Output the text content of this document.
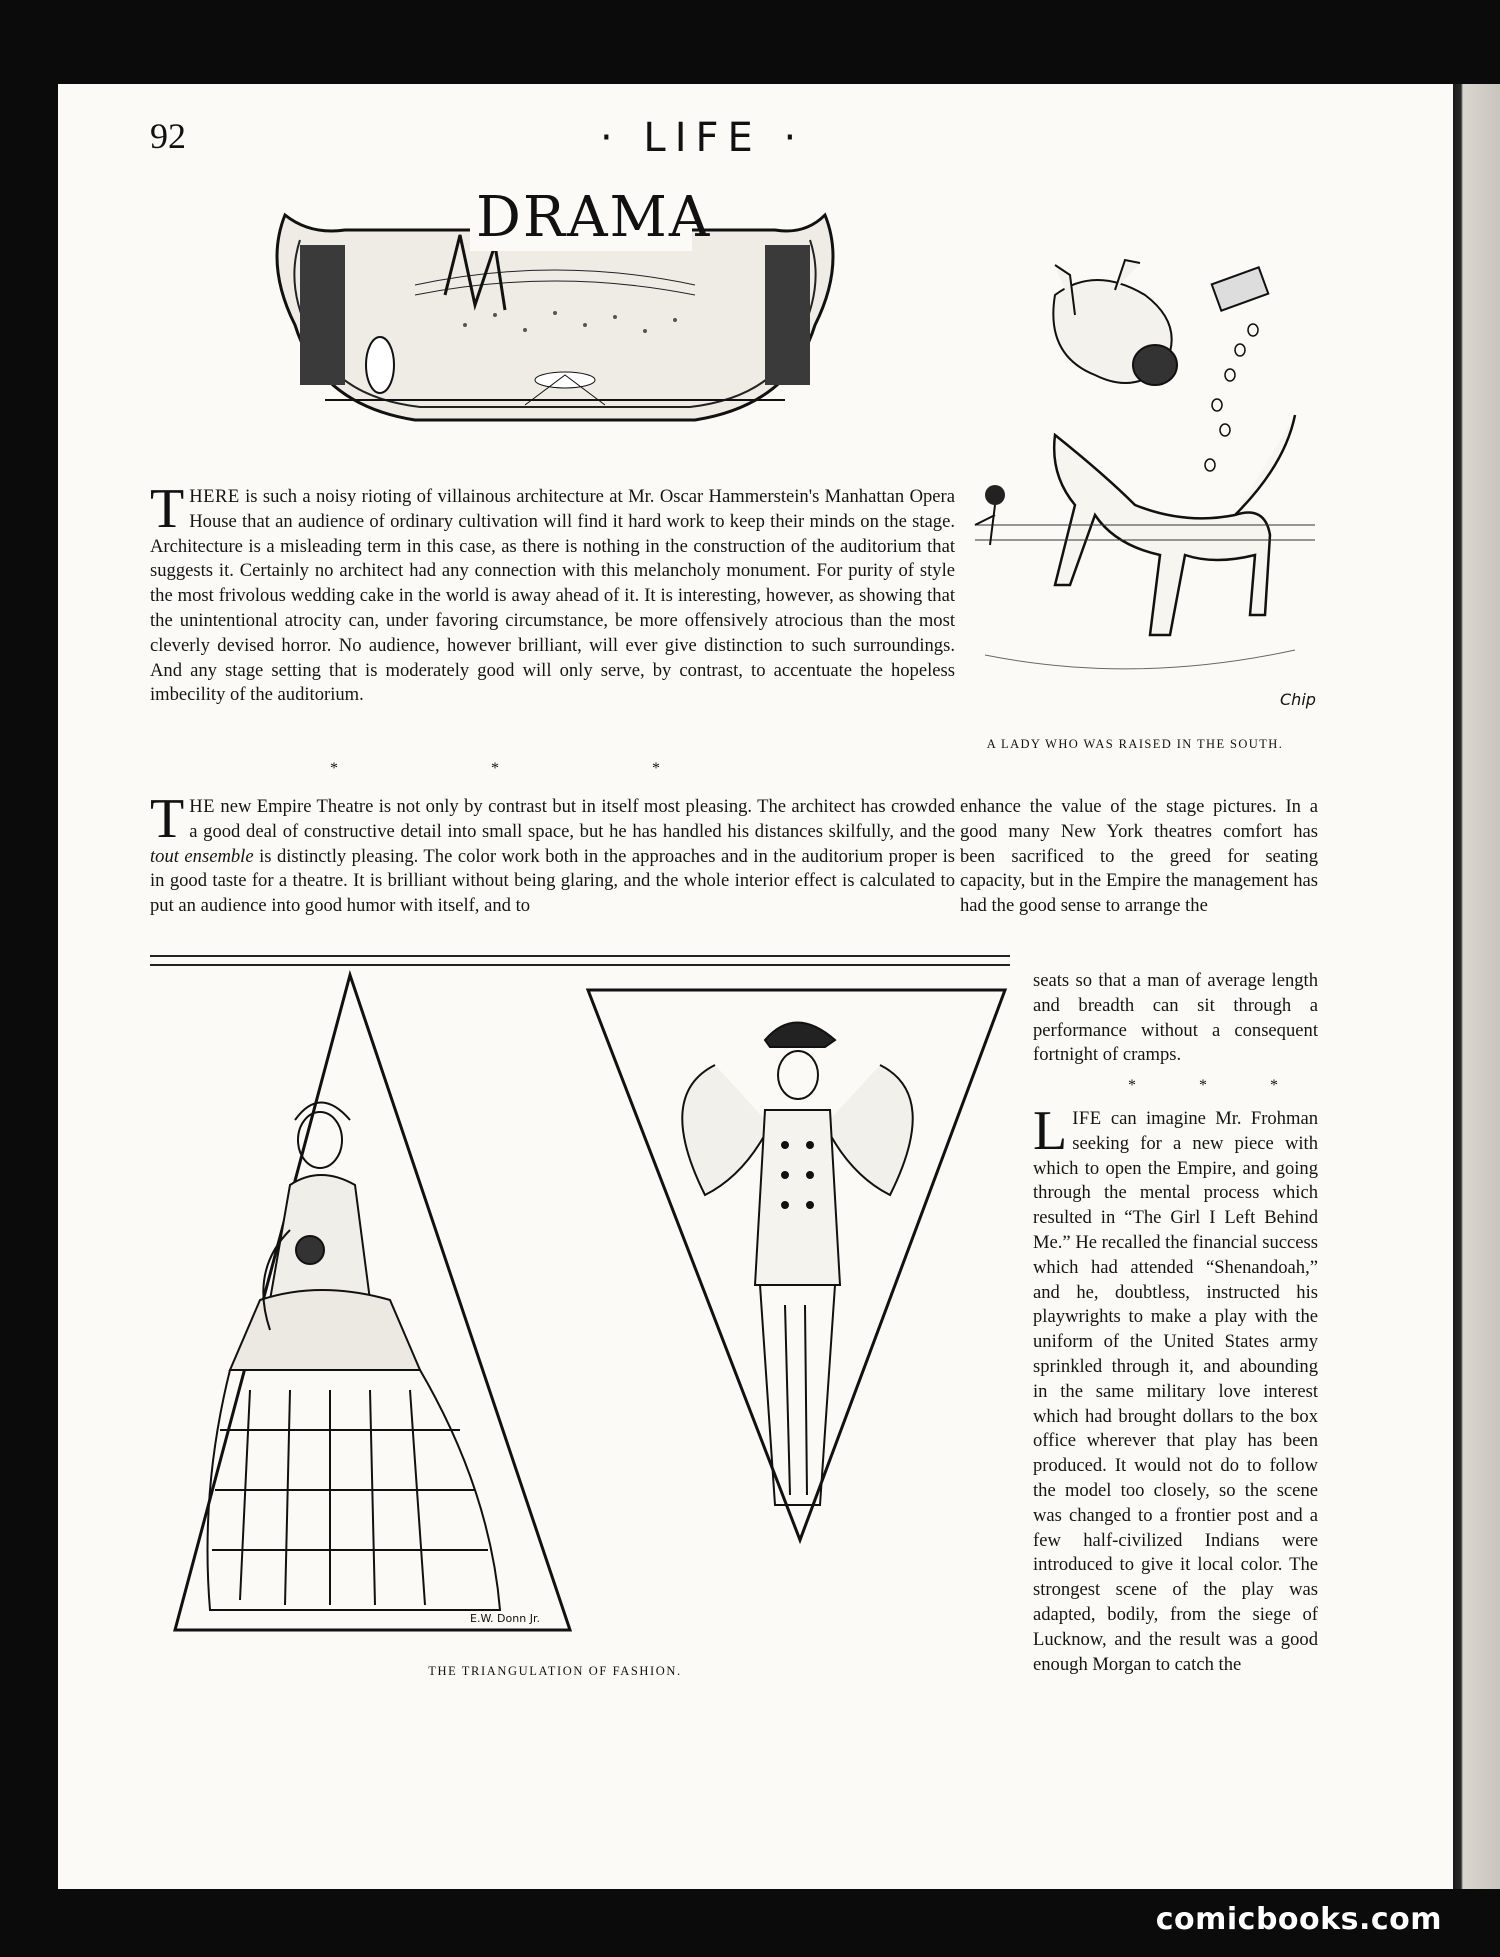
92	· LIFE ·
DRAMA

THERE is such a noisy rioting of villainous architecture at Mr. Oscar Hammerstein's Manhattan Opera House that an audience of ordinary cultivation will find it hard work to keep their minds on the stage. Architecture is a misleading term in this case, as there is nothing in the construction of the auditorium that suggests it. Certainly no architect had any connection with this melancholy monument. For purity of style the most frivolous wedding cake in the world is away ahead of it. It is interesting, however, as showing that the unintentional atrocity can, under favoring circumstance, be more offensively atrocious than the most cleverly devised horror. No audience, however brilliant, will ever give distinction to such surroundings. And any stage setting that is moderately good will only serve, by contrast, to accentuate the hopeless imbecility of the auditorium.

*	*	*

THE new Empire Theatre is not only by contrast but in itself most pleasing. The architect has crowded a good deal of constructive detail into small space, but he has handled his distances skilfully, and the tout ensemble is distinctly pleasing. The color work both in the approaches and in the auditorium proper is in good taste for a theatre. It is brilliant without being glaring, and the whole interior effect is calculated to put an audience into good humor with itself, and to

Chip
A LADY WHO WAS RAISED IN THE SOUTH.

enhance the value of the stage pictures. In a good many New York theatres comfort has been sacrificed to the greed for seating capacity, but in the Empire the management has had the good sense to arrange the

seats so that a man of average length and breadth can sit through a performance without a consequent fortnight of cramps.

*	*	*

LIFE can imagine Mr. Frohman seeking for a new piece with which to open the Empire, and going through the mental process which resulted in “The Girl I Left Behind Me.” He recalled the financial success which had attended “Shenandoah,” and he, doubtless, instructed his playwrights to make a play with the uniform of the United States army sprinkled through it, and abounding in the same military love interest which had brought dollars to the box office wherever that play has been produced. It would not do to follow the model too closely, so the scene was changed to a frontier post and a few half-civilized Indians were introduced to give it local color. The strongest scene of the play was adapted, bodily, from the siege of Lucknow, and the result was a good enough Morgan to catch the

E.W. Donn Jr.
THE TRIANGULATION OF FASHION.
comicbooks.com
